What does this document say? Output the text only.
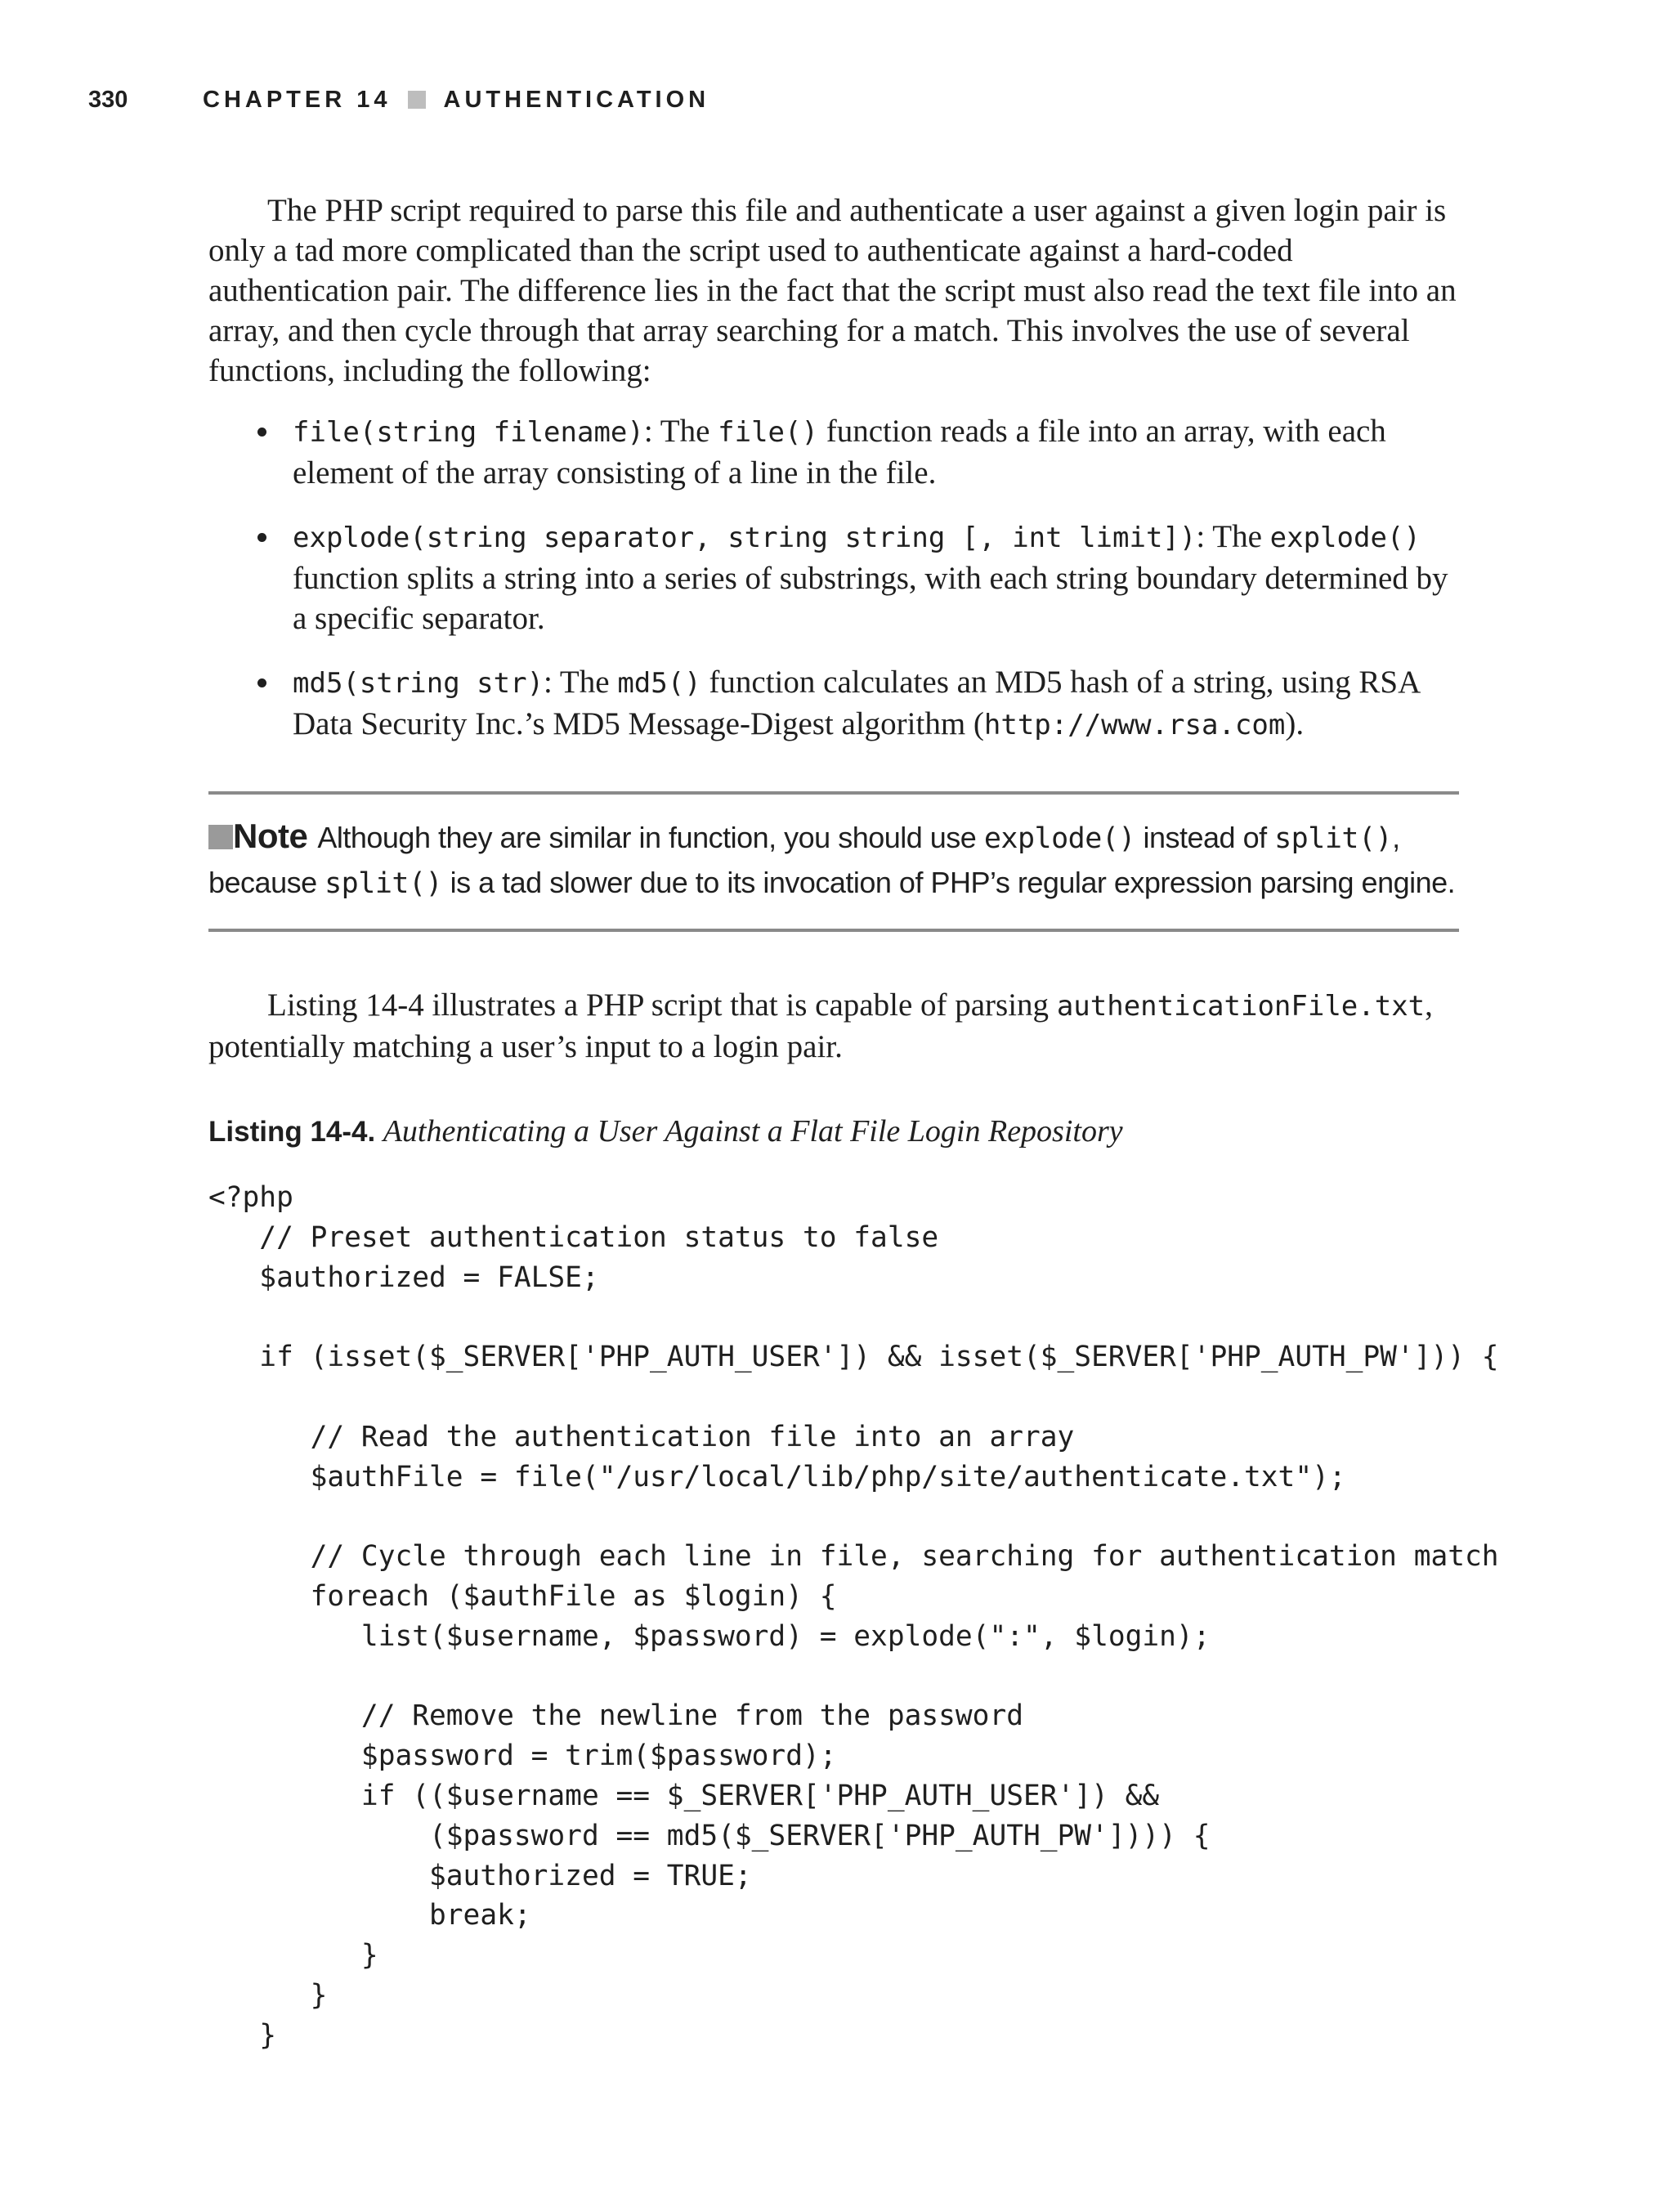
330	CHAPTER 14 AUTHENTICATION

The PHP script required to parse this file and authenticate a user against a given login pair is only a tad more complicated than the script used to authenticate against a hard-coded authentication pair. The difference lies in the fact that the script must also read the text file into an array, and then cycle through that array searching for a match. This involves the use of several functions, including the following:

file(string filename): The file() function reads a file into an array, with each element of the array consisting of a line in the file.
explode(string separator, string string [, int limit]): The explode() function splits a string into a series of substrings, with each string boundary determined by a specific separator.
md5(string str): The md5() function calculates an MD5 hash of a string, using RSA Data Security Inc.’s MD5 Message-Digest algorithm (http://www.rsa.com).

Note Although they are similar in function, you should use explode() instead of split(), because split() is a tad slower due to its invocation of PHP’s regular expression parsing engine.

Listing 14-4 illustrates a PHP script that is capable of parsing authenticationFile.txt, potentially matching a user’s input to a login pair.

Listing 14-4. Authenticating a User Against a Flat File Login Repository

<?php
// Preset authentication status to false
$authorized = FALSE;

if (isset($_SERVER['PHP_AUTH_USER']) && isset($_SERVER['PHP_AUTH_PW'])) {

// Read the authentication file into an array
$authFile = file("/usr/local/lib/php/site/authenticate.txt");

// Cycle through each line in file, searching for authentication match
foreach ($authFile as $login) {
list($username, $password) = explode(":", $login);

// Remove the newline from the password
$password = trim($password);
if (($username == $_SERVER['PHP_AUTH_USER']) &&
($password == md5($_SERVER['PHP_AUTH_PW']))) {
$authorized = TRUE;
break;
}
}
}
